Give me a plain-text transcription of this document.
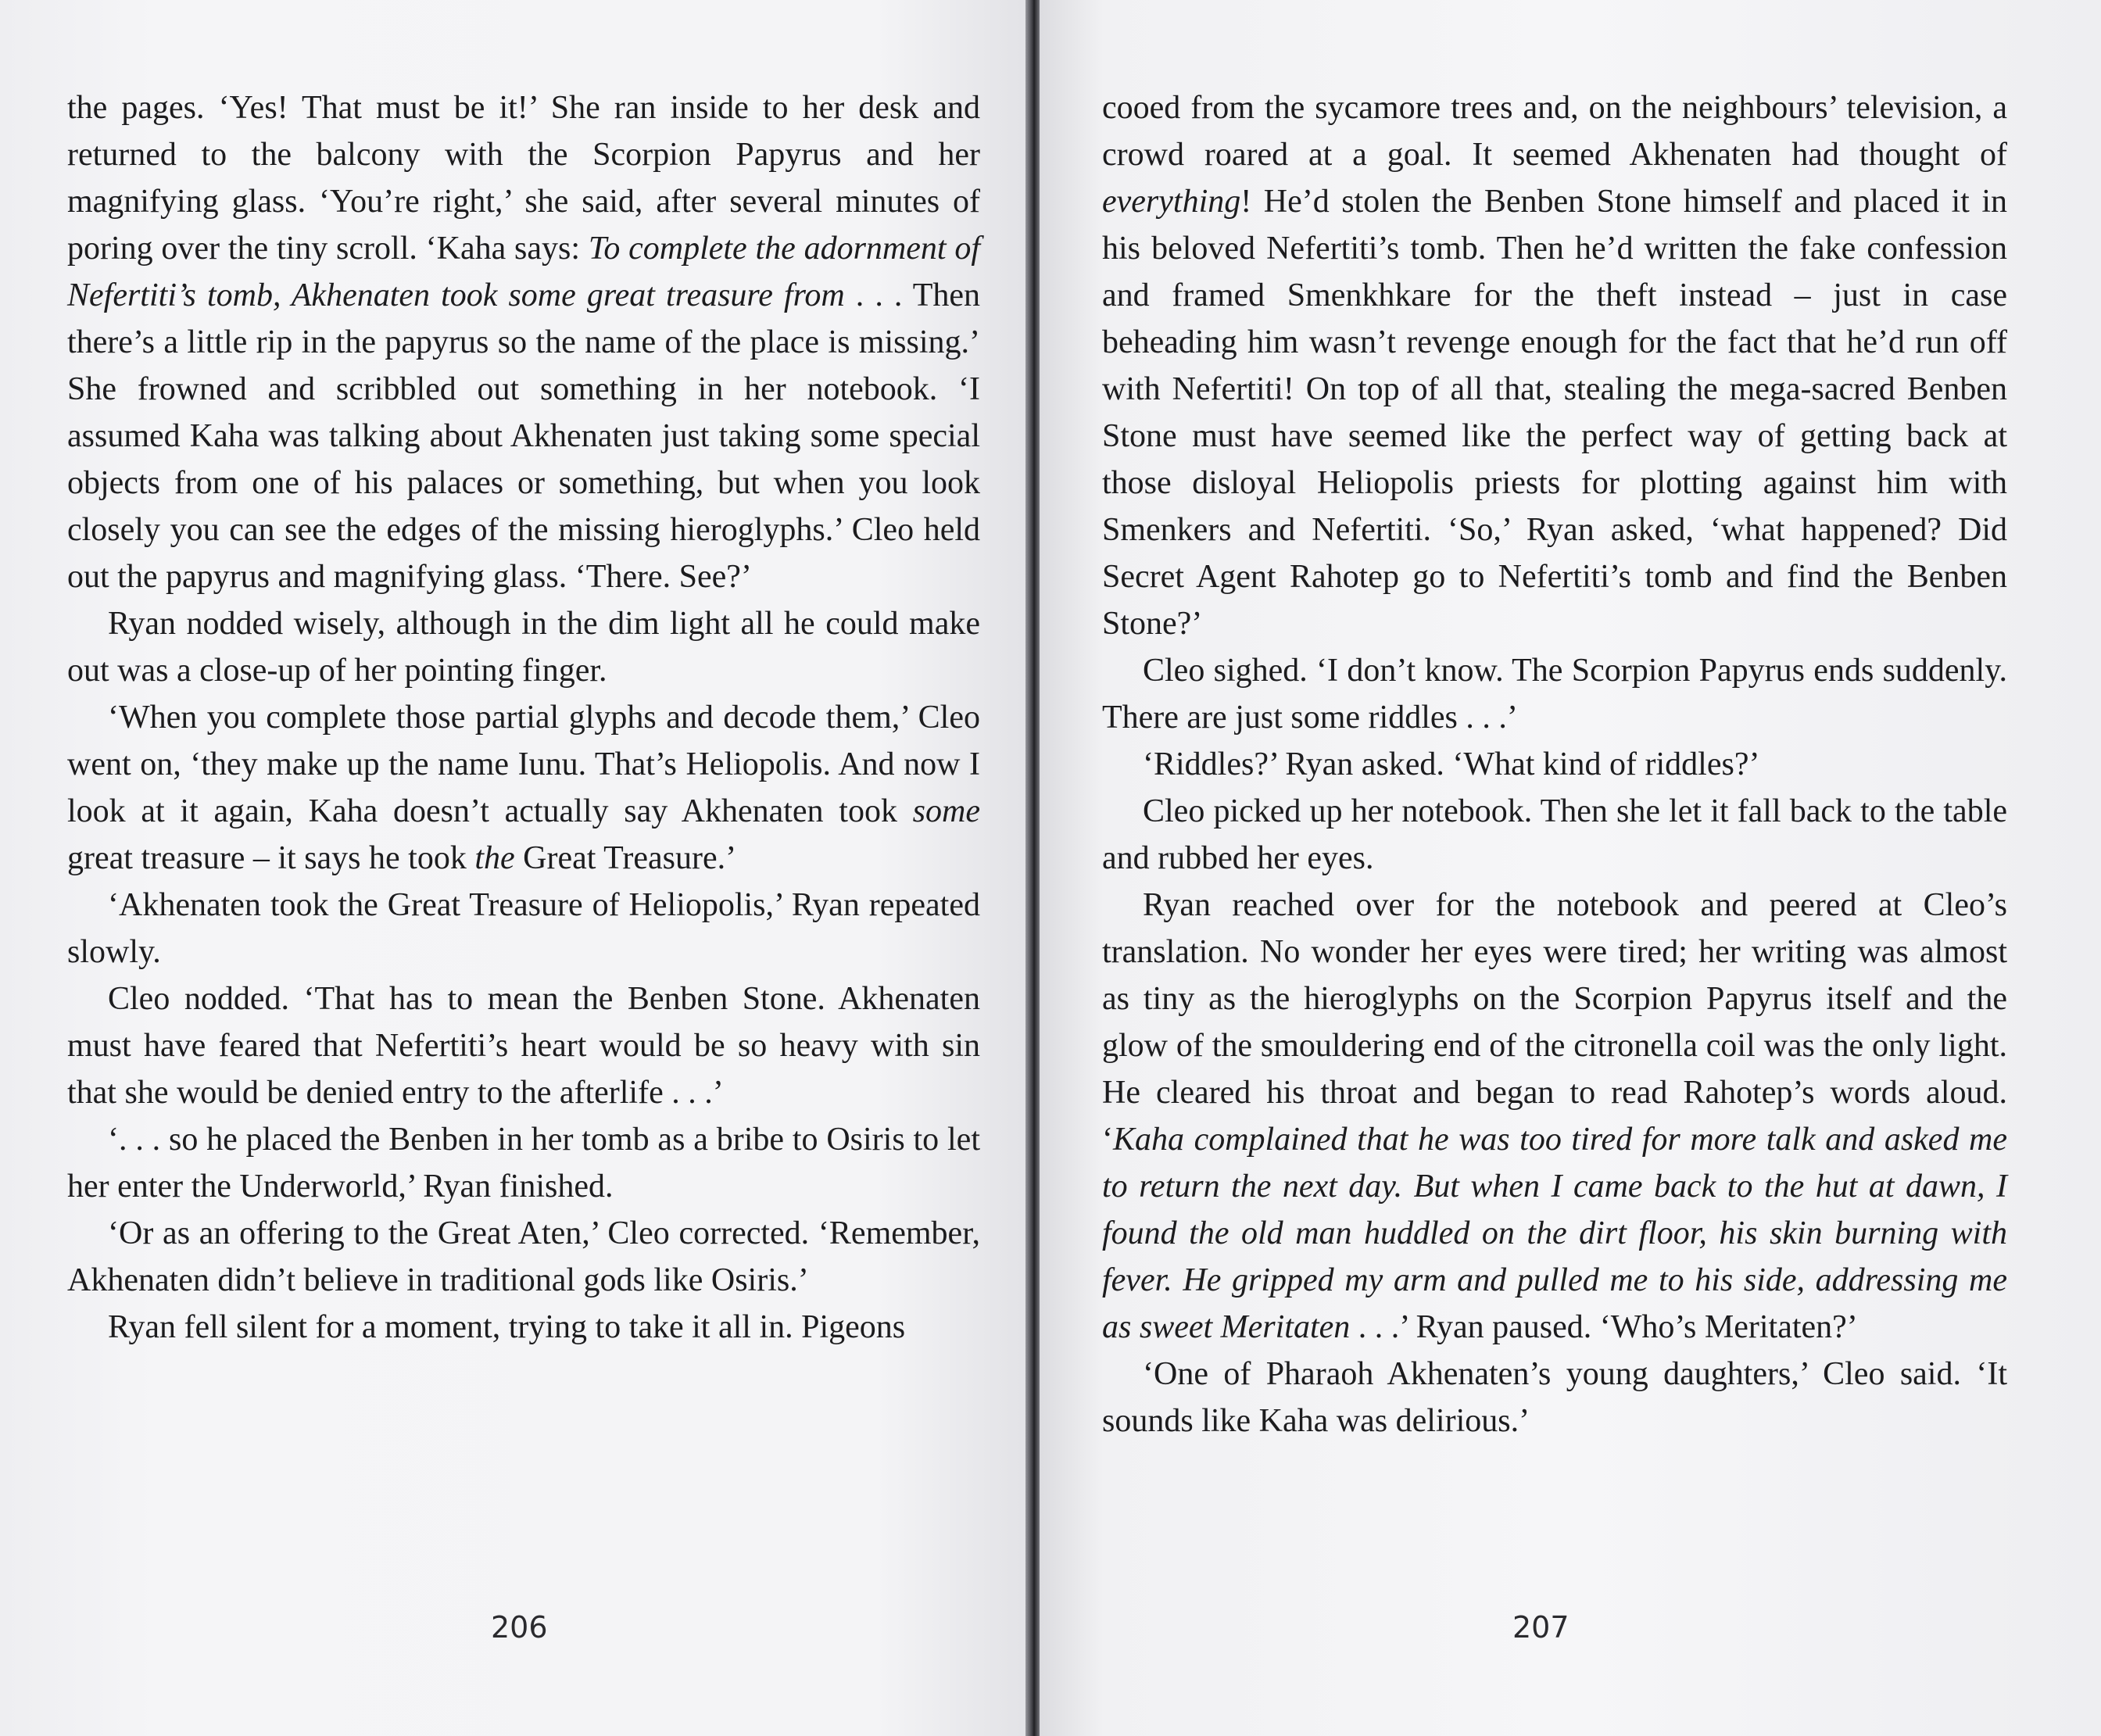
the pages. ‘Yes! That must be it!’ She ran inside to her desk and returned to the balcony with the Scorpion Papyrus and her magnifying glass. ‘You’re right,’ she said, after several minutes of poring over the tiny scroll. ‘Kaha says: To complete the adornment of Nefertiti’s tomb, Akhenaten took some great treasure from . . . Then there’s a little rip in the papyrus so the name of the place is missing.’ She frowned and scribbled out something in her notebook. ‘I assumed Kaha was talking about Akhenaten just taking some special objects from one of his palaces or something, but when you look closely you can see the edges of the missing hieroglyphs.’ Cleo held out the papyrus and magnifying glass. ‘There. See?’

Ryan nodded wisely, although in the dim light all he could make out was a close-up of her pointing finger.

‘When you complete those partial glyphs and decode them,’ Cleo went on, ‘they make up the name Iunu. That’s Heliopolis. And now I look at it again, Kaha doesn’t actually say Akhenaten took some great treasure – it says he took the Great Treasure.’

‘Akhenaten took the Great Treasure of Heliopolis,’ Ryan repeated slowly.

Cleo nodded. ‘That has to mean the Benben Stone. Akhenaten must have feared that Nefertiti’s heart would be so heavy with sin that she would be denied entry to the afterlife . . .’

‘. . . so he placed the Benben in her tomb as a bribe to Osiris to let her enter the Underworld,’ Ryan finished.

‘Or as an offering to the Great Aten,’ Cleo corrected. ‘Remember, Akhenaten didn’t believe in traditional gods like Osiris.’

Ryan fell silent for a moment, trying to take it all in. Pigeons

206

cooed from the sycamore trees and, on the neighbours’ television, a crowd roared at a goal. It seemed Akhenaten had thought of everything! He’d stolen the Benben Stone himself and placed it in his beloved Nefertiti’s tomb. Then he’d written the fake confession and framed Smenkhkare for the theft instead – just in case beheading him wasn’t revenge enough for the fact that he’d run off with Nefertiti! On top of all that, stealing the mega-sacred Benben Stone must have seemed like the perfect way of getting back at those disloyal Heliopolis priests for plotting against him with Smenkers and Nefertiti. ‘So,’ Ryan asked, ‘what happened? Did Secret Agent Rahotep go to Nefertiti’s tomb and find the Benben Stone?’

Cleo sighed. ‘I don’t know. The Scorpion Papyrus ends suddenly. There are just some riddles . . .’

‘Riddles?’ Ryan asked. ‘What kind of riddles?’

Cleo picked up her notebook. Then she let it fall back to the table and rubbed her eyes.

Ryan reached over for the notebook and peered at Cleo’s translation. No wonder her eyes were tired; her writing was almost as tiny as the hieroglyphs on the Scorpion Papyrus itself and the glow of the smouldering end of the citronella coil was the only light. He cleared his throat and began to read Rahotep’s words aloud. ‘Kaha complained that he was too tired for more talk and asked me to return the next day. But when I came back to the hut at dawn, I found the old man huddled on the dirt floor, his skin burning with fever. He gripped my arm and pulled me to his side, addressing me as sweet Meritaten . . .’ Ryan paused. ‘Who’s Meritaten?’

‘One of Pharaoh Akhenaten’s young daughters,’ Cleo said. ‘It sounds like Kaha was delirious.’

207
